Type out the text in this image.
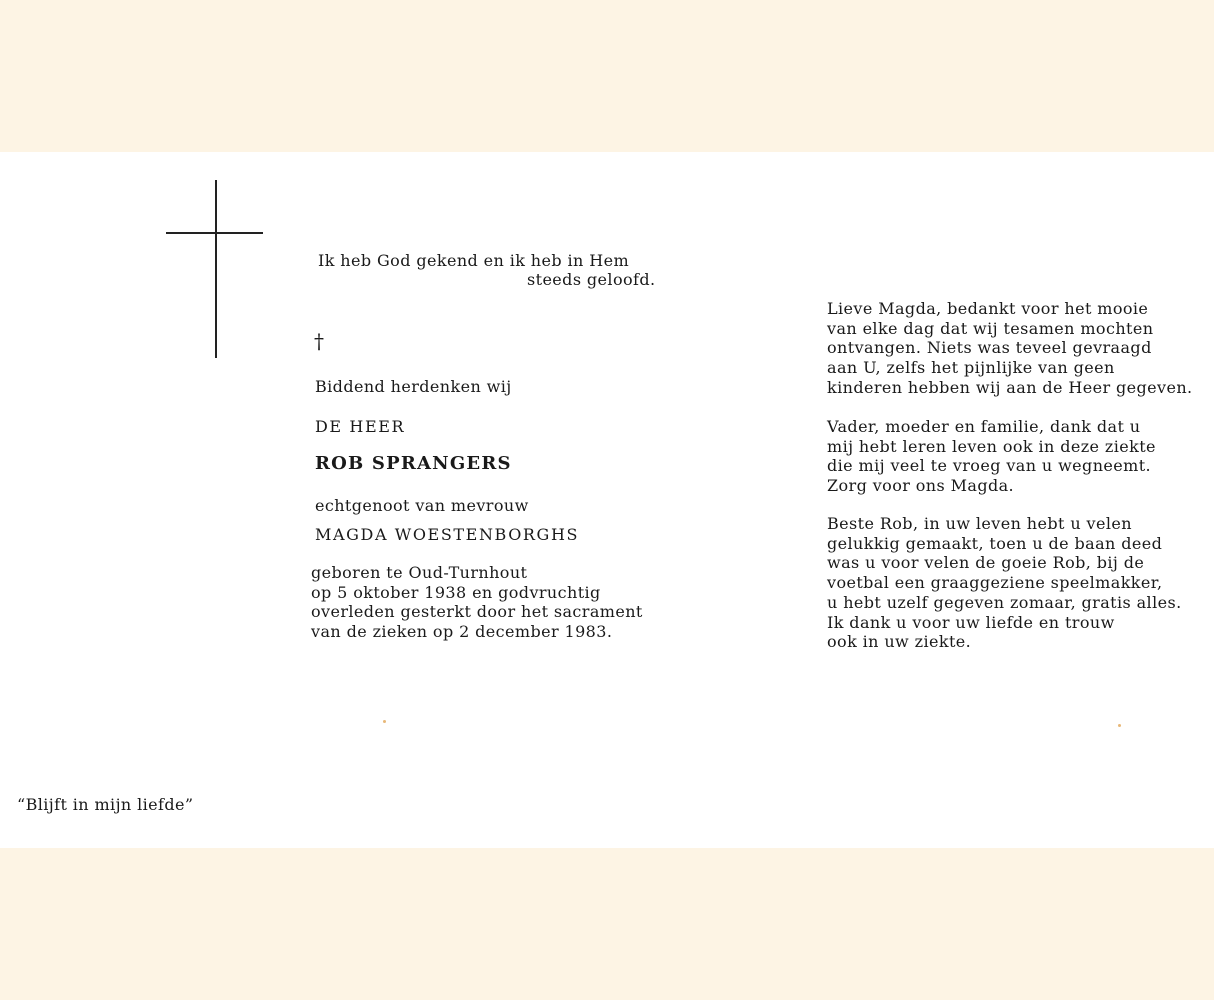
Ik heb God gekend en ik heb in Hem

steeds geloofd.

†

Biddend herdenken wij

DE HEER

ROB SPRANGERS

echtgenoot van mevrouw

MAGDA WOESTENBORGHS

geboren te Oud-Turnhout

op 5 oktober 1938 en godvruchtig

overleden gesterkt door het sacrament

van de zieken op 2 december 1983.

Lieve Magda, bedankt voor het mooie

van elke dag dat wij tesamen mochten

ontvangen. Niets was teveel gevraagd

aan U, zelfs het pijnlijke van geen

kinderen hebben wij aan de Heer gegeven.

Vader, moeder en familie, dank dat u

mij hebt leren leven ook in deze ziekte

die mij veel te vroeg van u wegneemt.

Zorg voor ons Magda.

Beste Rob, in uw leven hebt u velen

gelukkig gemaakt, toen u de baan deed

was u voor velen de goeie Rob, bij de

voetbal een graaggeziene speelmakker,

u hebt uzelf gegeven zomaar, gratis alles.

Ik dank u voor uw liefde en trouw

ook in uw ziekte.

“Blijft in mijn liefde”
